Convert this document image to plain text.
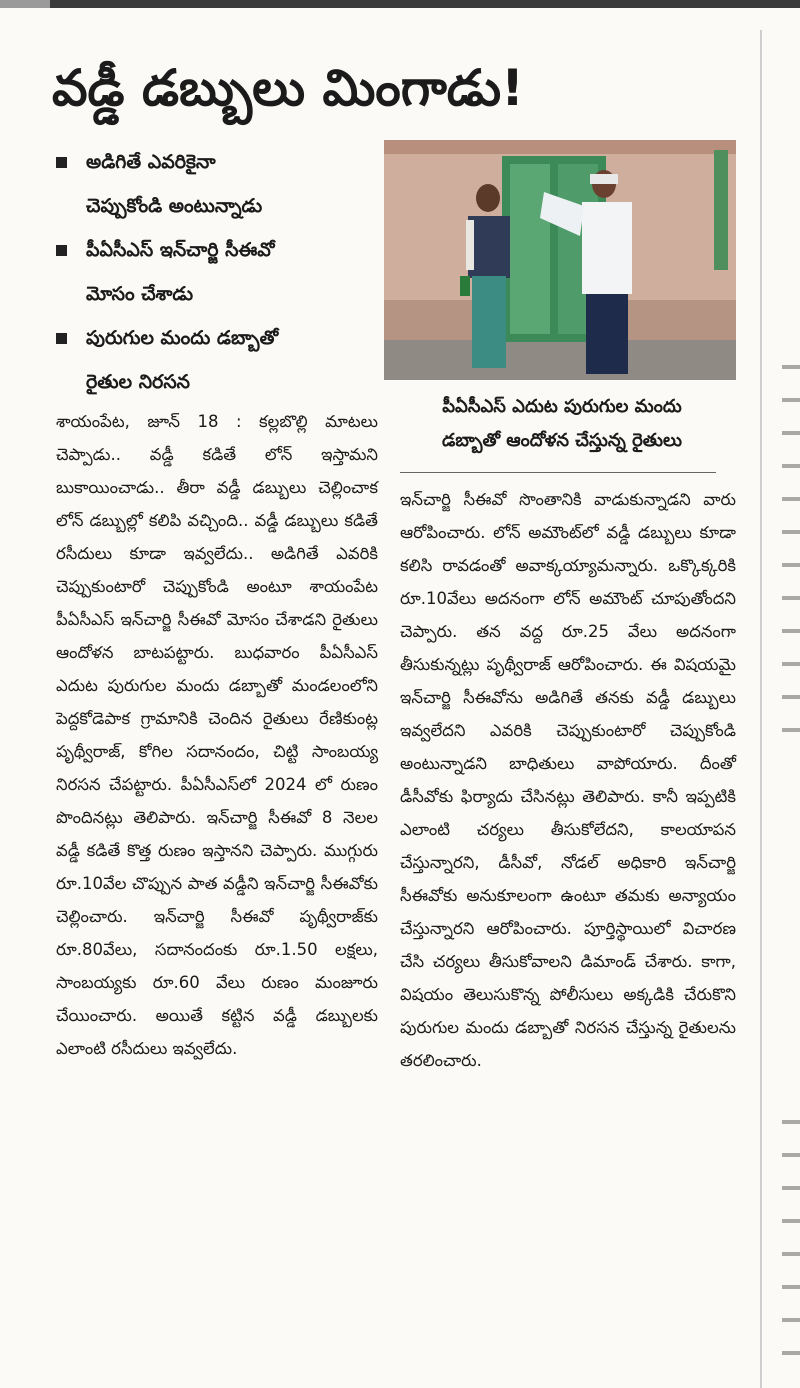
వడ్డీ డబ్బులు మింగాడు!
అడిగితే ఎవరికైనా
చెప్పుకోండి అంటున్నాడు
పీఏసీఎస్ ఇన్‌చార్జి సీఈవో
మోసం చేశాడు
పురుగుల మందు డబ్బాతో
రైతుల నిరసన
పీఏసీఎస్ ఎదుట పురుగుల మందు
డబ్బాతో ఆందోళన చేస్తున్న రైతులు

శాయంపేట, జూన్ 18 : కల్లబొల్లి మాటలు చెప్పాడు.. వడ్డీ కడితే లోన్ ఇస్తామని బుకాయించాడు.. తీరా వడ్డీ డబ్బులు చెల్లించాక లోన్ డబ్బుల్లో కలిపి వచ్చింది.. వడ్డీ డబ్బులు కడితే రసీదులు కూడా ఇవ్వలేదు.. అడిగితే ఎవరికి చెప్పుకుంటారో చెప్పుకోండి అంటూ శాయంపేట పీఏసీఎస్ ఇన్‌చార్జి సీఈవో మోసం చేశాడని రైతులు ఆందోళన బాటపట్టారు. బుధవారం పీఏసీఎస్ ఎదుట పురుగుల మందు డబ్బాతో మండలంలోని పెద్దకోడెపాక గ్రామానికి చెందిన రైతులు రేణికుంట్ల పృథ్వీరాజ్, కోగిల సదానందం, చిట్టి సాంబయ్య నిరసన చేపట్టారు. పీఏసీఎస్‌లో 2024 లో రుణం పొందినట్లు తెలిపారు. ఇన్‌చార్జి సీఈవో 8 నెలల వడ్డీ కడితే కొత్త రుణం ఇస్తానని చెప్పారు. ముగ్గురు రూ.10వేల చొప్పున పాత వడ్డీని ఇన్‌చార్జి సీఈవోకు చెల్లించారు. ఇన్‌చార్జి సీఈవో పృథ్వీరాజ్‌కు రూ.80వేలు, సదానందంకు రూ.1.50 లక్షలు, సాంబయ్యకు రూ.60 వేలు రుణం మంజూరు చేయించారు. అయితే కట్టిన వడ్డీ డబ్బులకు ఎలాంటి రసీదులు ఇవ్వలేదు.

ఇన్‌చార్జి సీఈవో సొంతానికి వాడుకున్నాడని వారు ఆరోపించారు. లోన్ అమౌంట్‌లో వడ్డీ డబ్బులు కూడా కలిసి రావడంతో అవాక్కయ్యామన్నారు. ఒక్కొక్కరికి రూ.10వేలు అదనంగా లోన్ అమౌంట్ చూపుతోందని చెప్పారు. తన వద్ద రూ.25 వేలు అదనంగా తీసుకున్నట్లు పృథ్వీరాజ్ ఆరోపించారు. ఈ విషయమై ఇన్‌చార్జి సీఈవోను అడిగితే తనకు వడ్డీ డబ్బులు ఇవ్వలేదని ఎవరికి చెప్పుకుంటారో చెప్పుకోండి అంటున్నాడని బాధితులు వాపోయారు. దీంతో డీసీవోకు ఫిర్యాదు చేసినట్లు తెలిపారు. కానీ ఇప్పటికి ఎలాంటి చర్యలు తీసుకోలేదని, కాలయాపన చేస్తున్నారని, డీసీవో, నోడల్ అధికారి ఇన్‌చార్జి సీఈవోకు అనుకూలంగా ఉంటూ తమకు అన్యాయం చేస్తున్నారని ఆరోపించారు. పూర్తిస్థాయిలో విచారణ చేసి చర్యలు తీసుకోవాలని డిమాండ్ చేశారు. కాగా, విషయం తెలుసుకొన్న పోలీసులు అక్కడికి చేరుకొని పురుగుల మందు డబ్బాతో నిరసన చేస్తున్న రైతులను తరలించారు.
